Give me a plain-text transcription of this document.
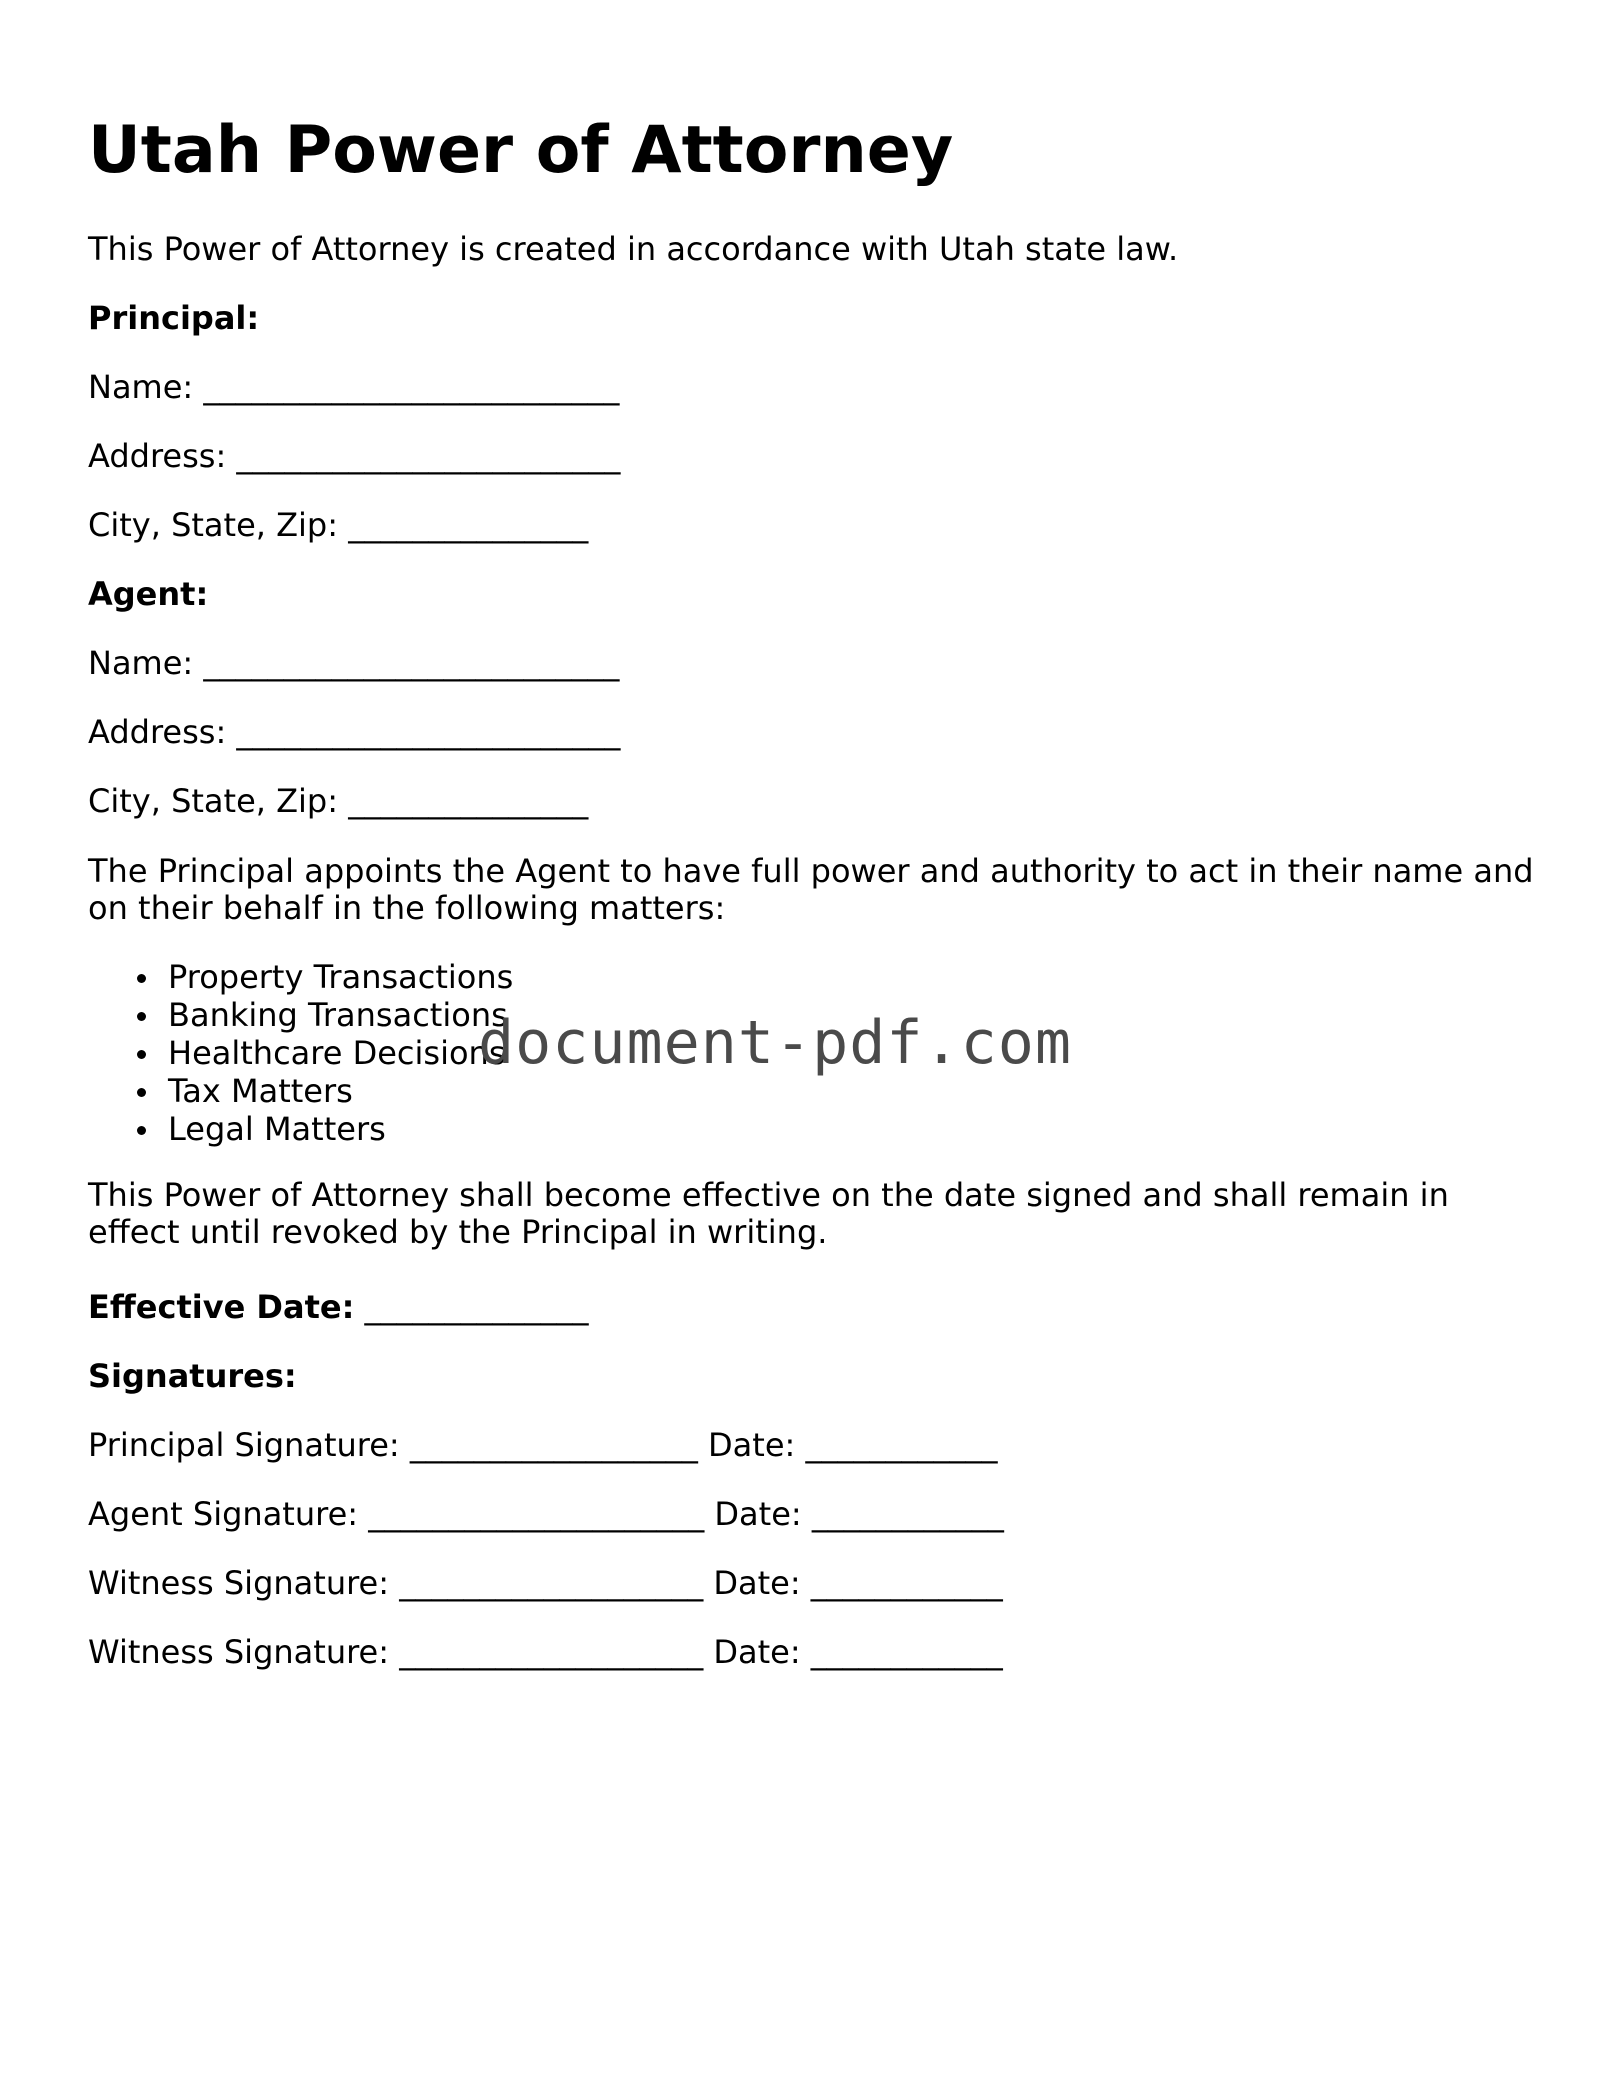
Utah Power of Attorney

This Power of Attorney is created in accordance with Utah state law.

Principal:

Name: __________________________

Address: ________________________

City, State, Zip: _______________

Agent:

Name: __________________________

Address: ________________________

City, State, Zip: _______________

The Principal appoints the Agent to have full power and authority to act in their name and
on their behalf in the following matters:
Property Transactions
Banking Transactions
Healthcare Decisions
Tax Matters
Legal Matters
This Power of Attorney shall become effective on the date signed and shall remain in
effect until revoked by the Principal in writing.

Effective Date: ______________

Signatures:

Principal Signature: __________________ Date: ____________

Agent Signature: _____________________ Date: ____________

Witness Signature: ___________________ Date: ____________

Witness Signature: ___________________ Date: ____________

document-pdf.com
